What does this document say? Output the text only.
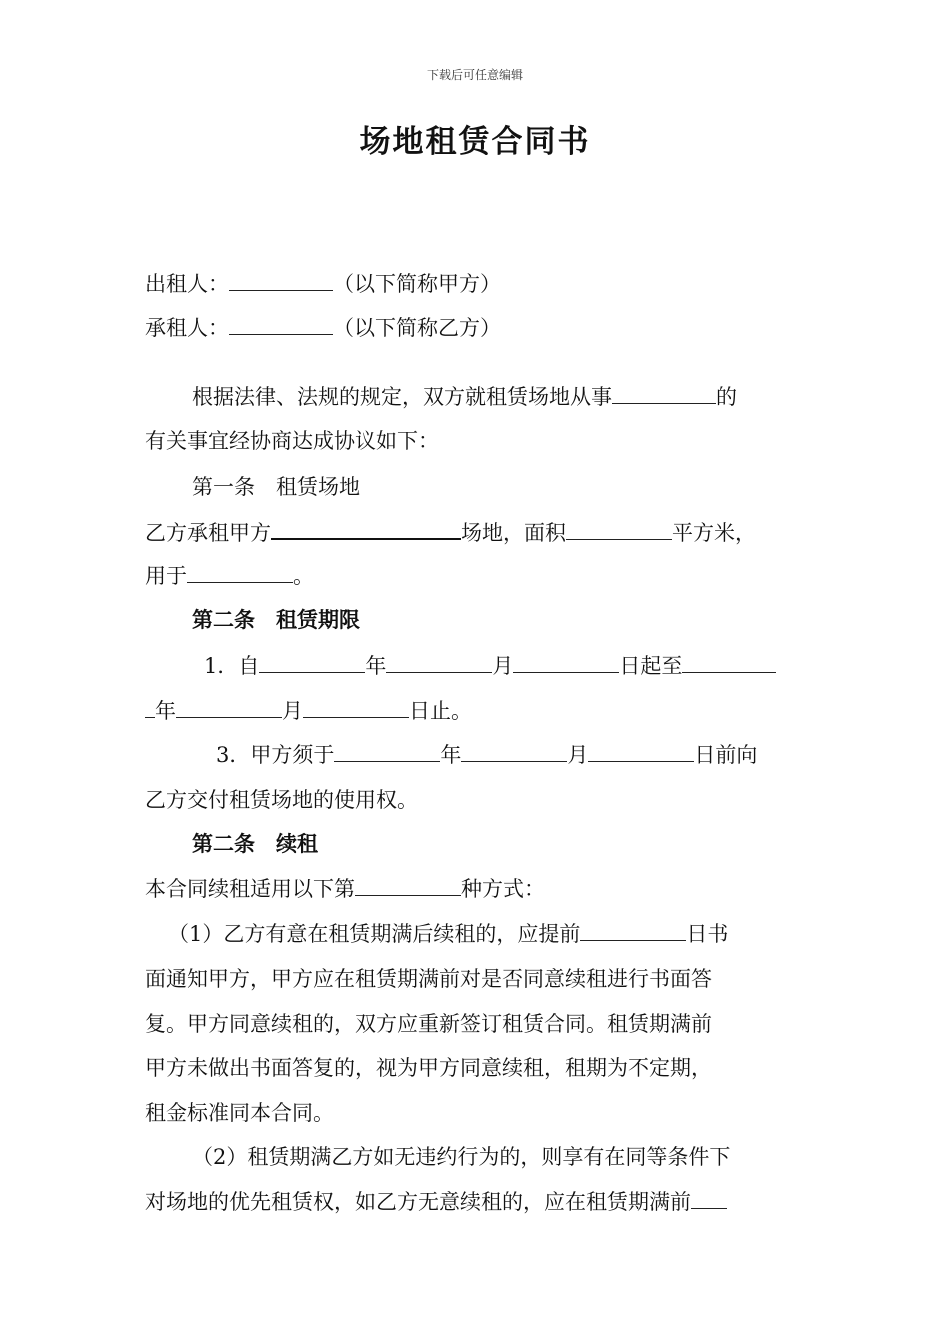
下载后可任意编辑
场地租赁合同书
出租人：	（以下简称甲方）
承租人：	（以下简称乙方）
根据法律、法规的规定，双方就租赁场地从事	的
有关事宜经协商达成协议如下：
第一条　租赁场地
乙方承租甲方	场地，面积	平方米，
用于	。
第二条　租赁期限
1．自	年	月	日起至
年	月	日止。
3．甲方须于	年	月	日前向
乙方交付租赁场地的使用权。
第二条　续租
本合同续租适用以下第	种方式：
（1）乙方有意在租赁期满后续租的，应提前	日书
面通知甲方，甲方应在租赁期满前对是否同意续租进行书面答
复。甲方同意续租的，双方应重新签订租赁合同。租赁期满前
甲方未做出书面答复的，视为甲方同意续租，租期为不定期，
租金标准同本合同。
（2）租赁期满乙方如无违约行为的，则享有在同等条件下
对场地的优先租赁权，如乙方无意续租的，应在租赁期满前
